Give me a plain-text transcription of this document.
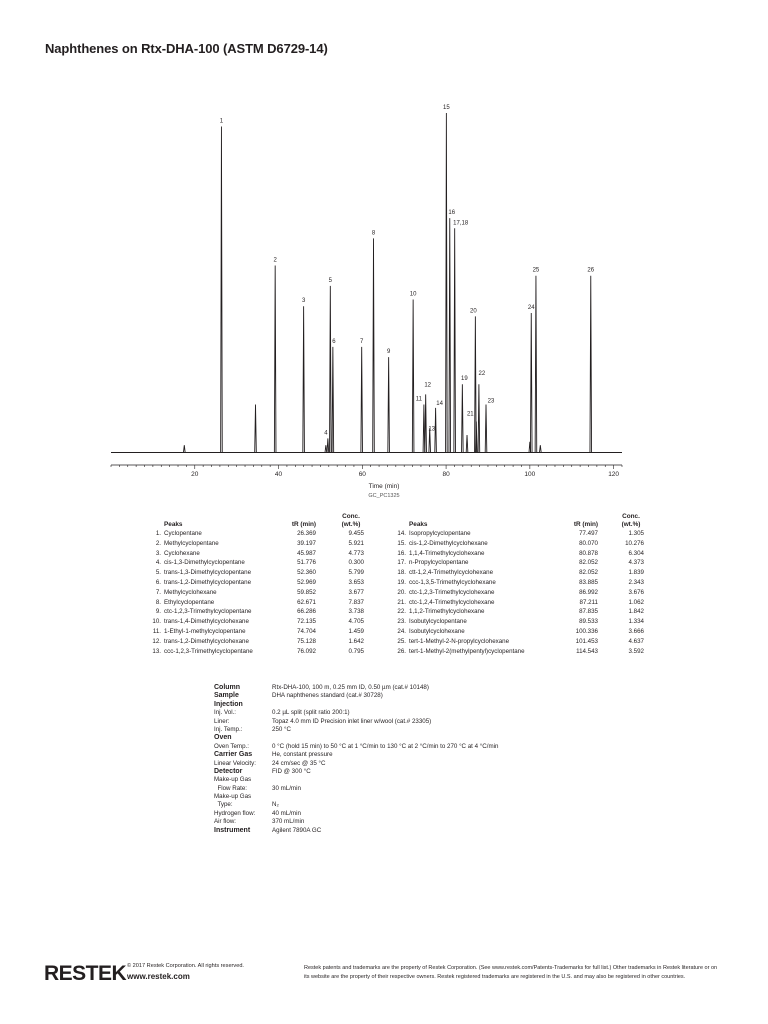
Naphthenes on Rtx-DHA-100 (ASTM D6729-14)
20	40	60	80	100	120
1
2
3
4
5
6	7
8
9
10
11
12
13
14
15
16
17,18
19
20
21
22
23
24
25	26
Time (min)
GC_PC1325
Peaks	tR (min)
Conc. (wt.%)
1. Cyclopentane	26.369	9.455
2. Methylcyclopentane	39.197	5.921
3. Cyclohexane	45.987	4.773
4. cis-1,3-Dimethylcyclopentane	51.776	0.300
5. trans-1,3-Dimethylcyclopentane	52.360	5.799
6. trans-1,2-Dimethylcyclopentane	52.969	3.653
7. Methylcyclohexane	59.852	3.677
8. Ethylcyclopentane	62.671	7.837
9. ctc-1,2,3-Trimethylcyclopentane	66.286	3.738
10. trans-1,4-Dimethylcyclohexane	72.135	4.705
11. 1-Ethyl-1-methylcyclopentane	74.704	1.459
12. trans-1,2-Dimethylcyclohexane	75.128	1.642
13. ccc-1,2,3-Trimethylcyclopentane	76.092	0.795
Peaks	tR (min)
Conc. (wt.%)
14. Isopropylcyclopentane	77.497	1.305
15. cis-1,2-Dimethylcyclohexane	80.070	10.276
16. 1,1,4-Trimethylcyclohexane	80.878	6.304
17. n-Propylcyclopentane	82.052	4.373
18. ctt-1,2,4-Trimethylcyclohexane	82.052	1.839
19. ccc-1,3,5-Trimethylcyclohexane	83.885	2.343
20. ctc-1,2,3-Trimethylcyclohexane	86.992	3.676
21. ctc-1,2,4-Trimethylcyclohexane	87.211	1.062
22. 1,1,2-Trimethylcyclohexane	87.835	1.842
23. Isobutylcyclopentane	89.533	1.334
24. Isobutylcyclohexane	100.336	3.666
25. tert-1-Methyl-2-N-propylcyclohexane	101.453	4.637
26. tert-1-Methyl-2(methylpentyl)cyclopentane	114.543	3.592
Column	Rtx-DHA-100, 100 m, 0.25 mm ID, 0.50 µm (cat.# 10148)
Sample	DHA naphthenes standard (cat.# 30728)
Injection
Inj. Vol.:	0.2 µL split (split ratio 200:1)
Liner:	Topaz 4.0 mm ID Precision inlet liner w/wool (cat.# 23305)
Inj. Temp.:	250 °C
Oven
Oven Temp.:	0 °C (hold 15 min) to 50 °C at 1 °C/min to 130 °C at 2 °C/min to 270 °C at 4 °C/min
Carrier Gas	He, constant pressure
Linear Velocity:	24 cm/sec @ 35 °C
Detector	FID @ 300 °C
Make-up Gas
Flow Rate:	30 mL/min
Make-up Gas
Type:	N₂
Hydrogen flow:	40 mL/min
Air flow:	370 mL/min
Instrument	Agilent 7890A GC
RESTEK © 2017 Restek Corporation. All rights reserved.
www.restek.com
Restek patents and trademarks are the property of Restek Corporation. (See www.restek.com/Patents-Trademarks for full list.) Other trademarks in Restek literature or on its website are the property of their respective owners. Restek registered trademarks are registered in the U.S. and may also be registered in other countries.
